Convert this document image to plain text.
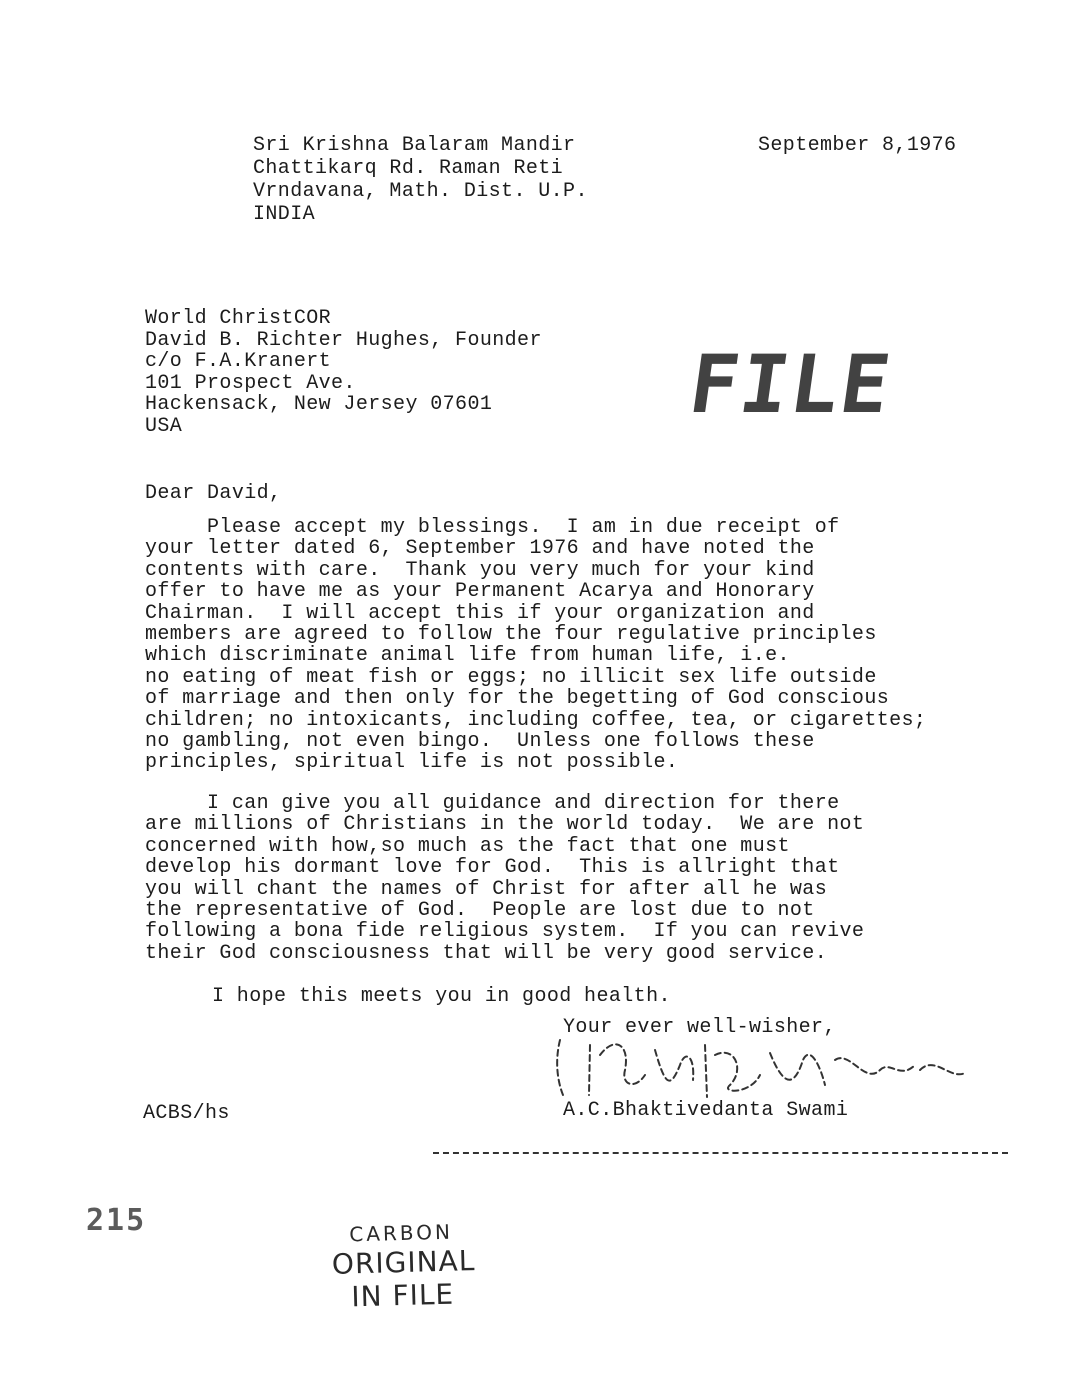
Sri Krishna Balaram Mandir
Chattikarq Rd. Raman Reti
Vrndavana, Math. Dist. U.P.
INDIA
September 8,1976
World ChristCOR
David B. Richter Hughes, Founder
c/o F.A.Kranert
101 Prospect Ave.
Hackensack, New Jersey 07601
USA	FILE
Dear David,
Please accept my blessings.  I am in due receipt of
your letter dated 6, September 1976 and have noted the
contents with care.  Thank you very much for your kind
offer to have me as your Permanent Acarya and Honorary
Chairman.  I will accept this if your organization and
members are agreed to follow the four regulative principles
which discriminate animal life from human life, i.e.
no eating of meat fish or eggs; no illicit sex life outside
of marriage and then only for the begetting of God conscious
children; no intoxicants, including coffee, tea, or cigarettes;
no gambling, not even bingo.  Unless one follows these
principles, spiritual life is not possible.
I can give you all guidance and direction for there
are millions of Christians in the world today.  We are not
concerned with how,so much as the fact that one must
develop his dormant love for God.  This is allright that
you will chant the names of Christ for after all he was
the representative of God.  People are lost due to not
following a bona fide religious system.  If you can revive
their God consciousness that will be very good service.
I hope this meets you in good health.
Your ever well-wisher,
ACBS/hs	A.C.Bhaktivedanta Swami
215	CARBON
ORIGINAL
IN FILE
